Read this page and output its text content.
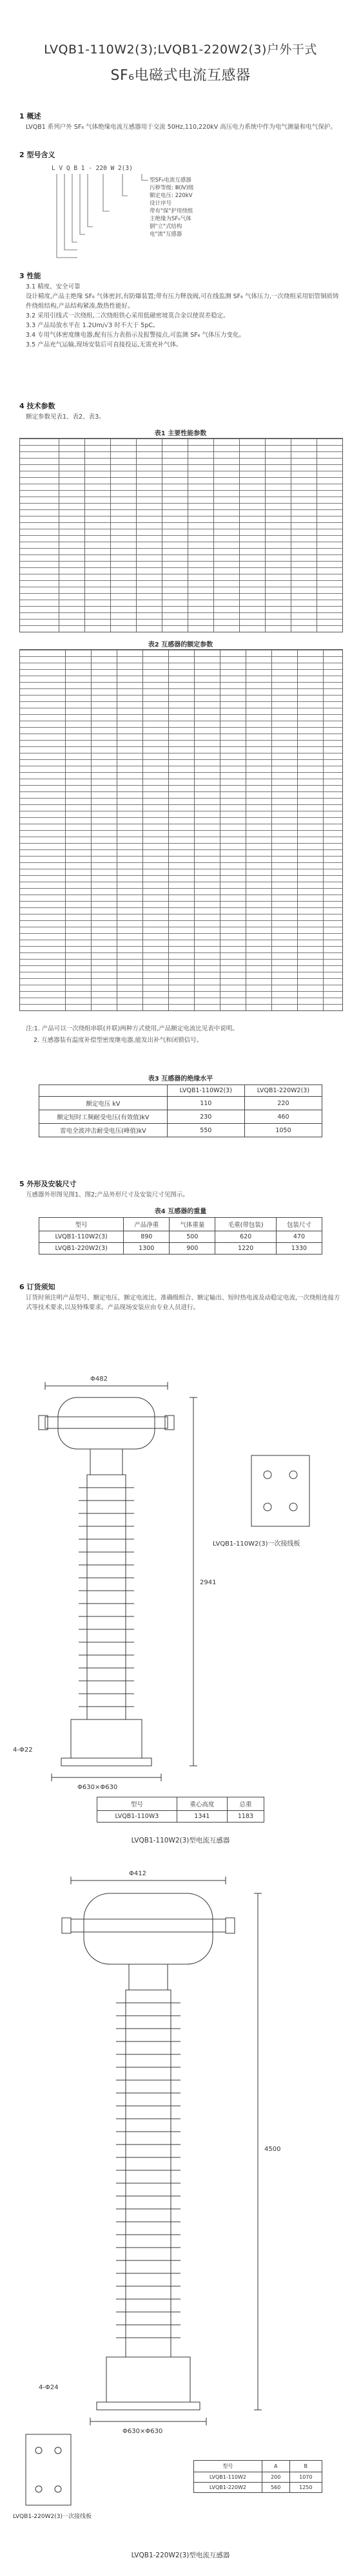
LVQB1-110W2(3);LVQB1-220W2(3)户外干式
SF₆电磁式电流互感器
1 概述
LVQB1 系列户外 SF₆ 气体绝缘电流互感器用于交流 50Hz,110,220kV 高压电力系统中作为电气测量和电气保护。
2 型号含义
L V Q B 1 - 220 W 2(3)
型SF₆电流互感器
污秽等级: Ⅲ(Ⅳ)级
额定电压: 220kV
设计序号
带有"保"护用绕组
主绝缘为SF₆气体
倒"立"式结构
电"流"互感器
3 性能
3.1 精度、安全可靠
设计精度,产品主绝缘 SF₆ 气体密封,有防爆装置;带有压力释放阀,可在线监测 SF₆ 气体压力,一次绕组采用铝管铜质铸件绕组结构,产品结构紧凑,散热性能好。
3.2 采用引线式一次绕组,二次绕组铁心采用低磁密坡莫合金以使误差稳定。
3.3 产品局放水平在 1.2Um/√3 时不大于 5pC。
3.4 专用气体密度继电器,配有压力表指示及报警接点,可监测 SF₆ 气体压力变化。
3.5 产品充气运输,现场安装后可直接投运,无需充补气体。
4 技术参数
额定参数见表1、表2、表3。
表1 主要性能参数
表2 互感器的额定参数
注:1. 产品可以一次绕组串联(并联)两种方式使用,产品额定电流比见表中说明。
2. 互感器装有温度补偿型密度继电器,能发出补气和闭锁信号。
表3 互感器的绝缘水平
	LVQB1-110W2(3)	LVQB1-220W2(3)
额定电压 kV	110	220
额定短时工频耐受电压(有效值)kV	230	460
雷电全波冲击耐受电压(峰值)kV	550	1050
5 外形及安装尺寸
互感器外形图见图1、图2;产品外形尺寸及安装尺寸见图示。
表4 互感器的重量
型号	产品净重	气体重量	毛重(带包装)	包装尺寸
LVQB1-110W2(3)	890	500	620	470
LVQB1-220W2(3)	1300	900	1220	1330
6 订货须知
订货时须注明产品型号、额定电压、额定电流比、准确级组合、额定输出、短时热电流及动稳定电流,一次绕组连接方式等技术要求,以及特殊要求。产品现场安装应由专业人员进行。
Φ482
2941
4-Φ22
Φ630×Φ630
LVQB1-110W2(3)一次接线板
型号	重心高度	总重
LVQB1-110W3	1341	1183
LVQB1-110W2(3)型电流互感器
Φ412
4500
4-Φ24
Φ630×Φ630
LVQB1-220W2(3)一次接线板
型号	A	B
LVQB1-110W2	200	1070
LVQB1-220W2	560	1250
LVQB1-220W2(3)型电流互感器
